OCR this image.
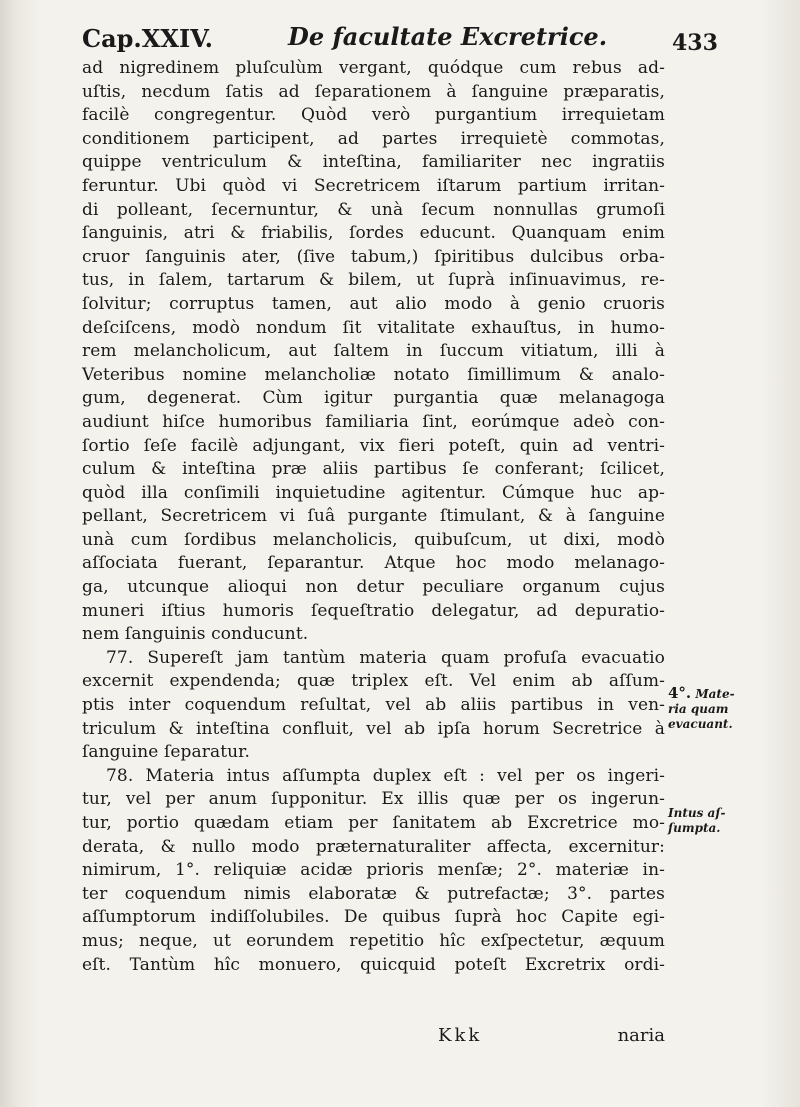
Cap.XXIV.	De facultate Excretrice.	433
ad nigredinem pluſculùm vergant, quódque cum rebus ad-
uſtis, necdum ſatis ad ſeparationem à ſanguine præparatis,
facilè congregentur. Quòd verò purgantium irrequietam
conditionem participent, ad partes irrequietè commotas,
quippe ventriculum & inteſtina, familiariter nec ingratiis
feruntur. Ubi quòd vi Secretricem iſtarum partium irritan-
di polleant, ſecernuntur, & unà ſecum nonnullas grumoſi
ſanguinis, atri & friabilis, ſordes educunt. Quanquam enim
cruor ſanguinis ater, (ſive tabum,) ſpiritibus dulcibus orba-
tus, in ſalem, tartarum & bilem, ut ſuprà inſinuavimus, re-
ſolvitur; corruptus tamen, aut alio modo à genio cruoris
deſciſcens, modò nondum ſit vitalitate exhauſtus, in humo-
rem melancholicum, aut ſaltem in ſuccum vitiatum, illi à
Veteribus nomine melancholiæ notato ſimillimum & analo-
gum, degenerat. Cùm igitur purgantia quæ melanagoga
audiunt hiſce humoribus familiaria ſint, eorúmque adeò con-
ſortio ſeſe facilè adjungant, vix fieri poteſt, quin ad ventri-
culum & inteſtina præ aliis partibus ſe conferant; ſcilicet,
quòd illa conſimili inquietudine agitentur. Cúmque huc ap-
pellant, Secretricem vi ſuâ purgante ſtimulant, & à ſanguine
unà cum ſordibus melancholicis, quibuſcum, ut dixi, modò
aſſociata fuerant, ſeparantur. Atque hoc modo melanago-
ga, utcunque alioqui non detur peculiare organum cujus
muneri iſtius humoris ſequeſtratio delegatur, ad depuratio-
nem ſanguinis conducunt.
77. Supereſt jam tantùm materia quam profuſa evacuatio
excernit expendenda; quæ triplex eſt. Vel enim ab aſſum-
ptis inter coquendum reſultat, vel ab aliis partibus in ven-
triculum & inteſtina confluit, vel ab ipſa horum Secretrice à
ſanguine ſeparatur.
78. Materia intus aſſumpta duplex eſt : vel per os ingeri-
tur, vel per anum ſupponitur. Ex illis quæ per os ingerun-
tur, portio quædam etiam per ſanitatem ab Excretrice mo-
derata, & nullo modo præternaturaliter affecta, excernitur:
nimirum, 1°. reliquiæ acidæ prioris menſæ; 2°. materiæ in-
ter coquendum nimis elaboratæ & putrefactæ; 3°. partes
aſſumptorum indiſſolubiles. De quibus ſuprà hoc Capite egi-
mus; neque, ut eorundem repetitio hîc exſpectetur, æquum
eſt. Tantùm hîc monuero, quicquid poteſt Excretrix ordi-
4°. Mate-
ria quam
evacuant.
Intus aſ-
ſumpta.
Kkk	naria
